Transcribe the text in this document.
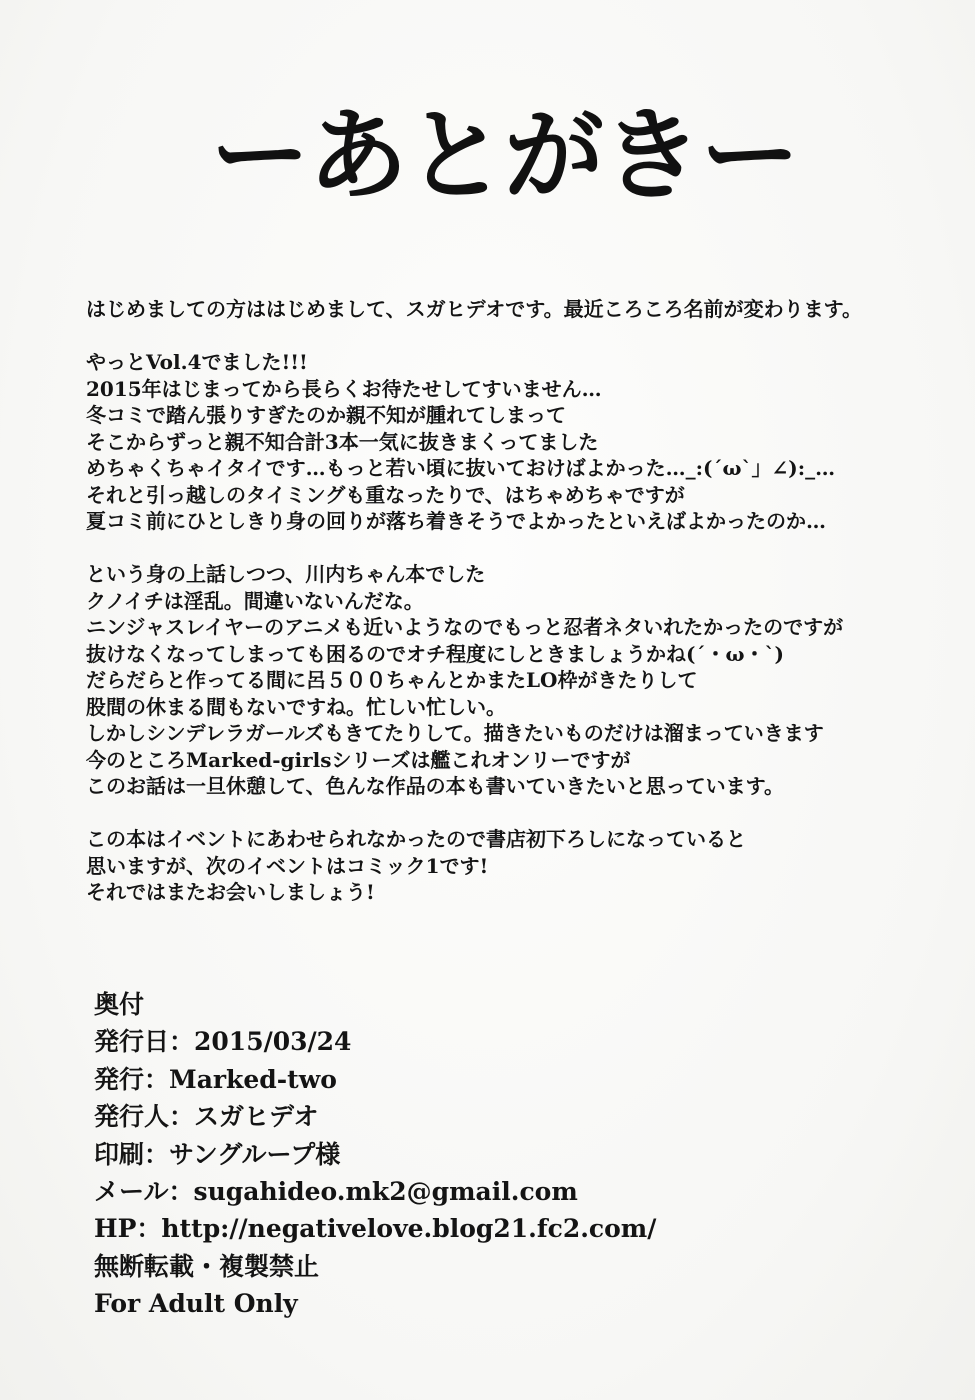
ーあとがきー
はじめましての方ははじめまして、スガヒデオです。最近ころころ名前が変わります。
やっとVol.4でました!!!
2015年はじまってから長らくお待たせしてすいません…
冬コミで踏ん張りすぎたのか親不知が腫れてしまって
そこからずっと親不知合計3本一気に抜きまくってました
めちゃくちゃイタイです…もっと若い頃に抜いておけばよかった…_:(´ω`」∠):_…
それと引っ越しのタイミングも重なったりで、はちゃめちゃですが
夏コミ前にひとしきり身の回りが落ち着きそうでよかったといえばよかったのか…
という身の上話しつつ、川内ちゃん本でした
クノイチは淫乱。間違いないんだな。
ニンジャスレイヤーのアニメも近いようなのでもっと忍者ネタいれたかったのですが
抜けなくなってしまっても困るのでオチ程度にしときましょうかね(´・ω・`)
だらだらと作ってる間に呂５００ちゃんとかまたLO枠がきたりして
股間の休まる間もないですね。忙しい忙しい。
しかしシンデレラガールズもきてたりして。描きたいものだけは溜まっていきます
今のところMarked-girlsシリーズは艦これオンリーですが
このお話は一旦休憩して、色んな作品の本も書いていきたいと思っています。
この本はイベントにあわせられなかったので書店初下ろしになっていると
思いますが、次のイベントはコミック1です!
それではまたお会いしましょう!
奥付
発行日：2015/03/24
発行：Marked-two
発行人：スガヒデオ
印刷：サングループ様
メール：sugahideo.mk2@gmail.com
HP：http://negativelove.blog21.fc2.com/
無断転載・複製禁止
For Adult Only
